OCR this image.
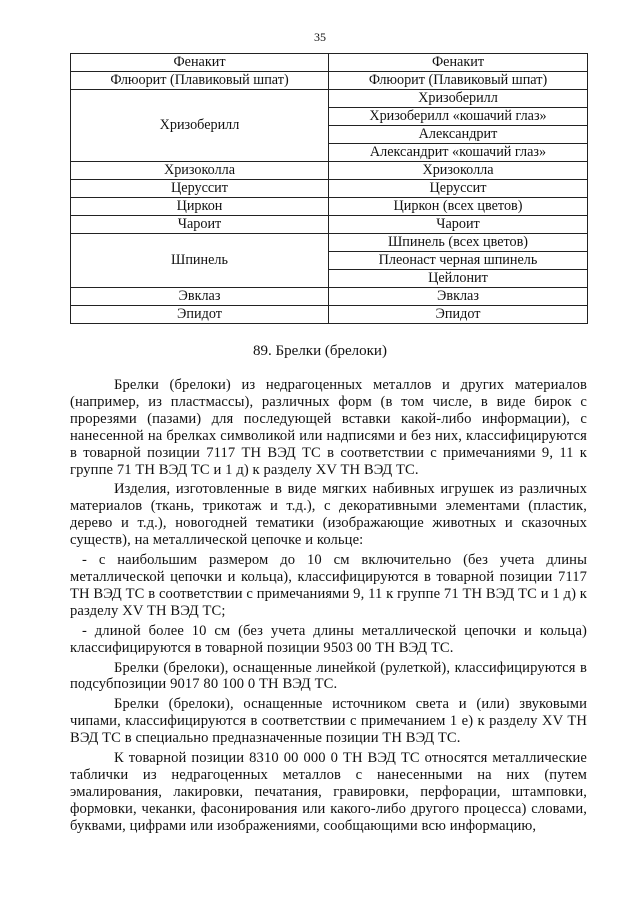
35
Фенакит	Фенакит
Флюорит (Плавиковый шпат)	Флюорит (Плавиковый шпат)
Хризоберилл	Хризоберилл
	Хризоберилл «кошачий глаз»
	Александрит
	Александрит «кошачий глаз»
Хризоколла	Хризоколла
Церуссит	Церуссит
Циркон	Циркон (всех цветов)
Чароит	Чароит
Шпинель	Шпинель (всех цветов)
	Плеонаст черная шпинель
	Цейлонит
Эвклаз	Эвклаз
Эпидот	Эпидот
89. Брелки (брелоки)

Брелки (брелоки) из недрагоценных металлов и других материалов (например, из пластмассы), различных форм (в том числе, в виде бирок с прорезями (пазами) для последующей вставки какой-либо информации), с нанесенной на брелках символикой или надписями и без них, классифицируются в товарной позиции 7117 ТН ВЭД ТС в соответствии с примечаниями 9, 11 к группе 71 ТН ВЭД ТС и 1 д) к разделу XV ТН ВЭД ТС.

Изделия, изготовленные в виде мягких набивных игрушек из различных материалов (ткань, трикотаж и т.д.), с декоративными элементами (пластик, дерево и т.д.), новогодней тематики (изображающие животных и сказочных существ), на металлической цепочке и кольце:

- с наибольшим размером до 10 см включительно (без учета длины металлической цепочки и кольца), классифицируются в товарной позиции 7117 ТН ВЭД ТС в соответствии с примечаниями 9, 11 к группе 71 ТН ВЭД ТС и 1 д) к разделу XV ТН ВЭД ТС;

- длиной более 10 см (без учета длины металлической цепочки и кольца) классифицируются в товарной позиции 9503 00 ТН ВЭД ТС.

Брелки (брелоки), оснащенные линейкой (рулеткой), классифицируются в подсубпозиции 9017 80 100 0 ТН ВЭД ТС.

Брелки (брелоки), оснащенные источником света и (или) звуковыми чипами, классифицируются в соответствии с примечанием 1 е) к разделу XV ТН ВЭД ТС в специально предназначенные позиции ТН ВЭД ТС.

К товарной позиции 8310 00 000 0 ТН ВЭД ТС относятся металлические таблички из недрагоценных металлов с нанесенными на них (путем эмалирования, лакировки, печатания, гравировки, перфорации, штамповки, формовки, чеканки, фасонирования или какого-либо другого процесса) словами, буквами, цифрами или изображениями, сообщающими всю информацию,
